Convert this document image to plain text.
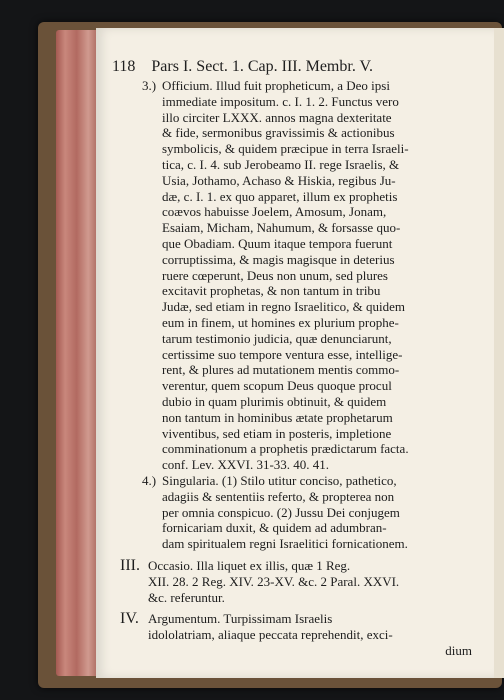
118 Pars I. Sect. 1. Cap. III. Membr. V.
3.) Officium. Illud fuit propheticum, a Deo ipsi
immediate impositum. c. I. 1. 2. Functus vero
illo circiter LXXX. annos magna dexteritate
& fide, sermonibus gravissimis & actionibus
symbolicis, & quidem præcipue in terra Israeli-
tica, c. I. 4. sub Jerobeamo II. rege Israelis, &
Usia, Jothamo, Achaso & Hiskia, regibus Ju-
dæ, c. I. 1. ex quo apparet, illum ex prophetis
coævos habuisse Joelem, Amosum, Jonam,
Esaiam, Micham, Nahumum, & forsasse quo-
que Obadiam. Quum itaque tempora fuerunt
corruptissima, & magis magisque in deterius
ruere cœperunt, Deus non unum, sed plures
excitavit prophetas, & non tantum in tribu
Judæ, sed etiam in regno Israelitico, & quidem
eum in finem, ut homines ex plurium prophe-
tarum testimonio judicia, quæ denunciarunt,
certissime suo tempore ventura esse, intellige-
rent, & plures ad mutationem mentis commo-
verentur, quem scopum Deus quoque procul
dubio in quam plurimis obtinuit, & quidem
non tantum in hominibus ætate prophetarum
viventibus, sed etiam in posteris, impletione
comminationum a prophetis prædictarum facta.
conf. Lev. XXVI. 31-33. 40. 41.
4.) Singularia. (1) Stilo utitur conciso, pathetico,
adagiis & sententiis referto, & propterea non
per omnia conspicuo. (2) Jussu Dei conjugem
fornicariam duxit, & quidem ad adumbran-
dam spiritualem regni Israelitici fornicationem.
III. Occasio. Illa liquet ex illis, quæ 1 Reg.
XII. 28. 2 Reg. XIV. 23-XV. &c. 2 Paral. XXVI.
&c. referuntur.
IV. Argumentum. Turpissimam Israelis
idololatriam, aliaque peccata reprehendit, exci-
dium
